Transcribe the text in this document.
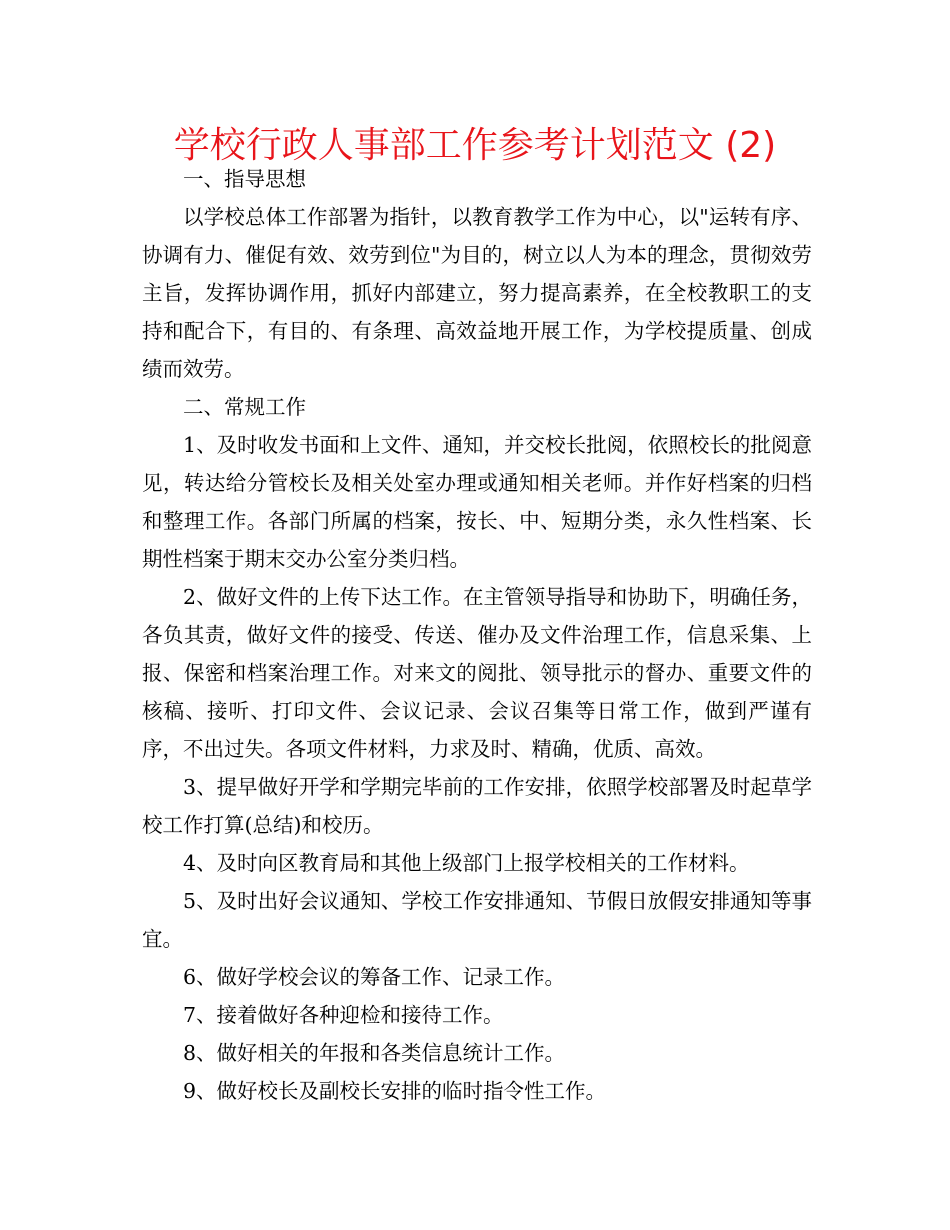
学校行政人事部工作参考计划范文 (2)

一、指导思想

以学校总体工作部署为指针，以教育教学工作为中心，以"运转有序、协调有力、催促有效、效劳到位"为目的，树立以人为本的理念，贯彻效劳主旨，发挥协调作用，抓好内部建立，努力提高素养，在全校教职工的支持和配合下，有目的、有条理、高效益地开展工作，为学校提质量、创成绩而效劳。

二、常规工作

1、及时收发书面和上文件、通知，并交校长批阅，依照校长的批阅意见，转达给分管校长及相关处室办理或通知相关老师。并作好档案的归档和整理工作。各部门所属的档案，按长、中、短期分类，永久性档案、长期性档案于期末交办公室分类归档。

2、做好文件的上传下达工作。在主管领导指导和协助下，明确任务，各负其责，做好文件的接受、传送、催办及文件治理工作，信息采集、上报、保密和档案治理工作。对来文的阅批、领导批示的督办、重要文件的核稿、接听、打印文件、会议记录、会议召集等日常工作，做到严谨有序，不出过失。各项文件材料，力求及时、精确，优质、高效。

3、提早做好开学和学期完毕前的工作安排，依照学校部署及时起草学校工作打算(总结)和校历。

4、及时向区教育局和其他上级部门上报学校相关的工作材料。

5、及时出好会议通知、学校工作安排通知、节假日放假安排通知等事宜。

6、做好学校会议的筹备工作、记录工作。

7、接着做好各种迎检和接待工作。

8、做好相关的年报和各类信息统计工作。

9、做好校长及副校长安排的临时指令性工作。
